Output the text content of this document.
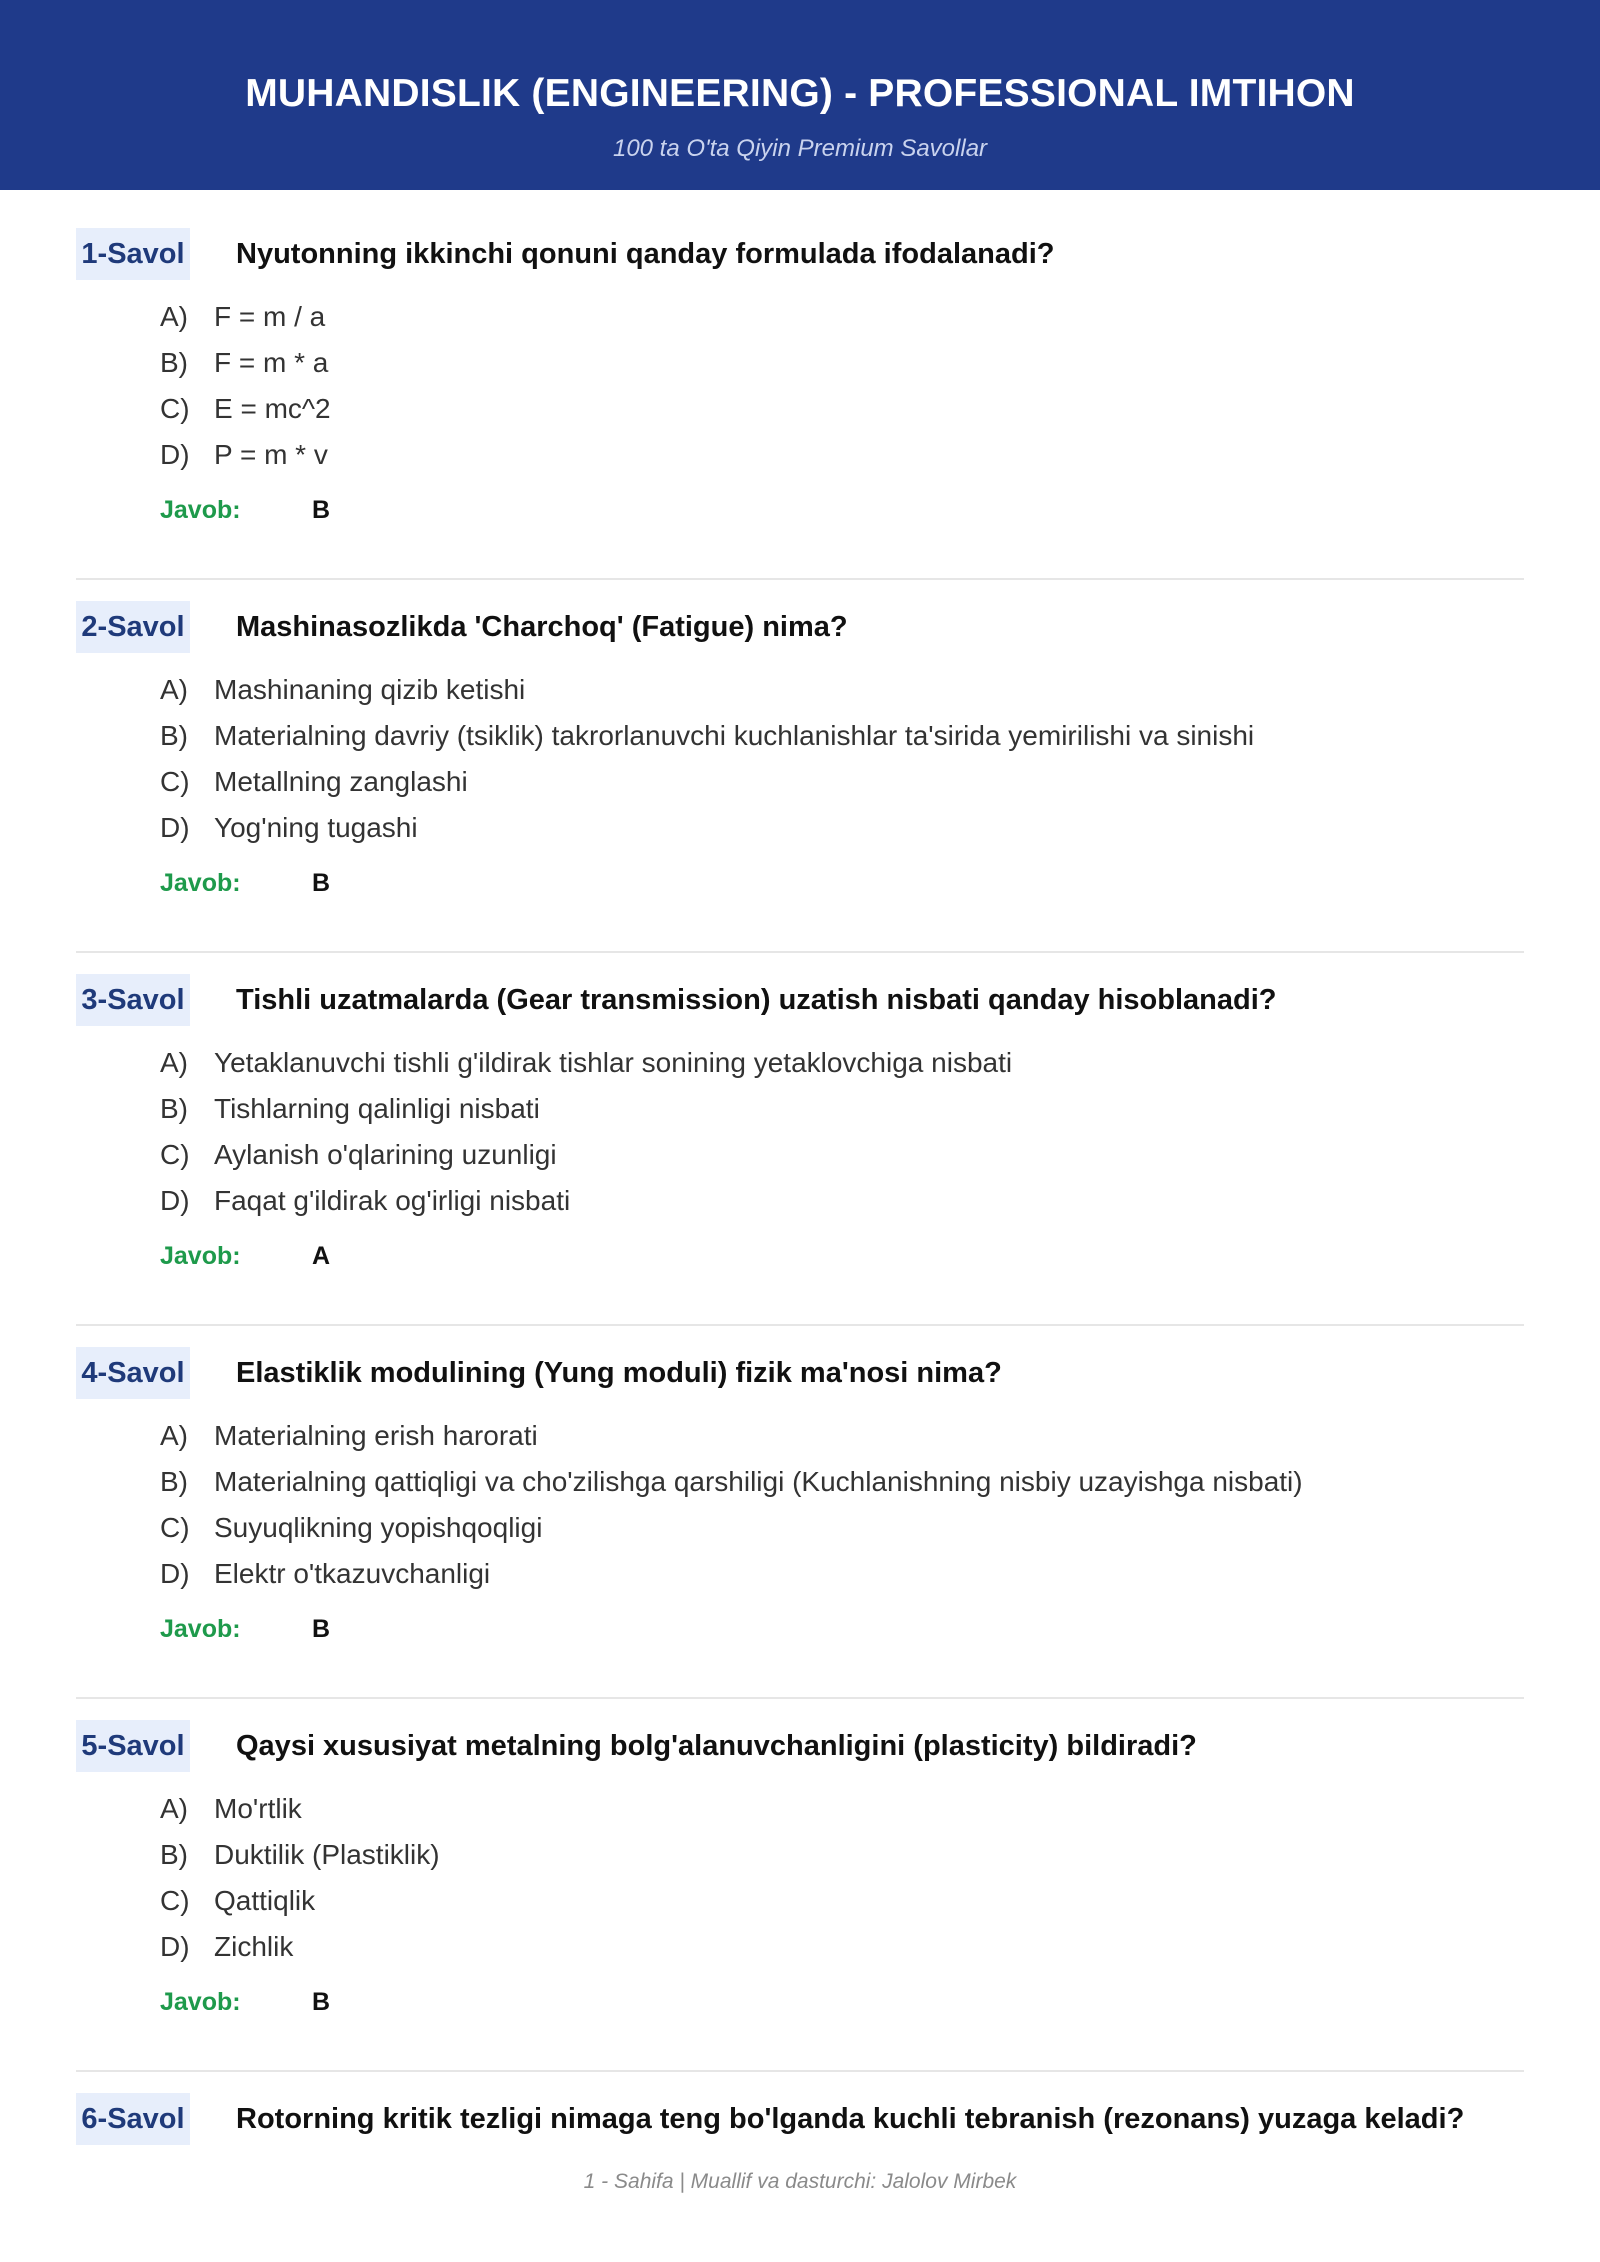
MUHANDISLIK (ENGINEERING) - PROFESSIONAL IMTIHON
100 ta O'ta Qiyin Premium Savollar
1-Savol Nyutonning ikkinchi qonuni qanday formulada ifodalanadi?
A) F = m / a
B) F = m * a
C) E = mc^2
D) P = m * v
Javob:	B
2-Savol Mashinasozlikda 'Charchoq' (Fatigue) nima?
A) Mashinaning qizib ketishi
B) Materialning davriy (tsiklik) takrorlanuvchi kuchlanishlar ta'sirida yemirilishi va sinishi
C) Metallning zanglashi
D) Yog'ning tugashi
Javob:	B
3-Savol Tishli uzatmalarda (Gear transmission) uzatish nisbati qanday hisoblanadi?
A) Yetaklanuvchi tishli g'ildirak tishlar sonining yetaklovchiga nisbati
B) Tishlarning qalinligi nisbati
C) Aylanish o'qlarining uzunligi
D) Faqat g'ildirak og'irligi nisbati
Javob:	A
4-Savol Elastiklik modulining (Yung moduli) fizik ma'nosi nima?
A) Materialning erish harorati
B) Materialning qattiqligi va cho'zilishga qarshiligi (Kuchlanishning nisbiy uzayishga nisbati)
C) Suyuqlikning yopishqoqligi
D) Elektr o'tkazuvchanligi
Javob:	B
5-Savol Qaysi xususiyat metalning bolg'alanuvchanligini (plasticity) bildiradi?
A) Mo'rtlik
B) Duktilik (Plastiklik)
C) Qattiqlik
D) Zichlik
Javob:	B
6-Savol Rotorning kritik tezligi nimaga teng bo'lganda kuchli tebranish (rezonans) yuzaga keladi?
1 - Sahifa | Muallif va dasturchi: Jalolov Mirbek
